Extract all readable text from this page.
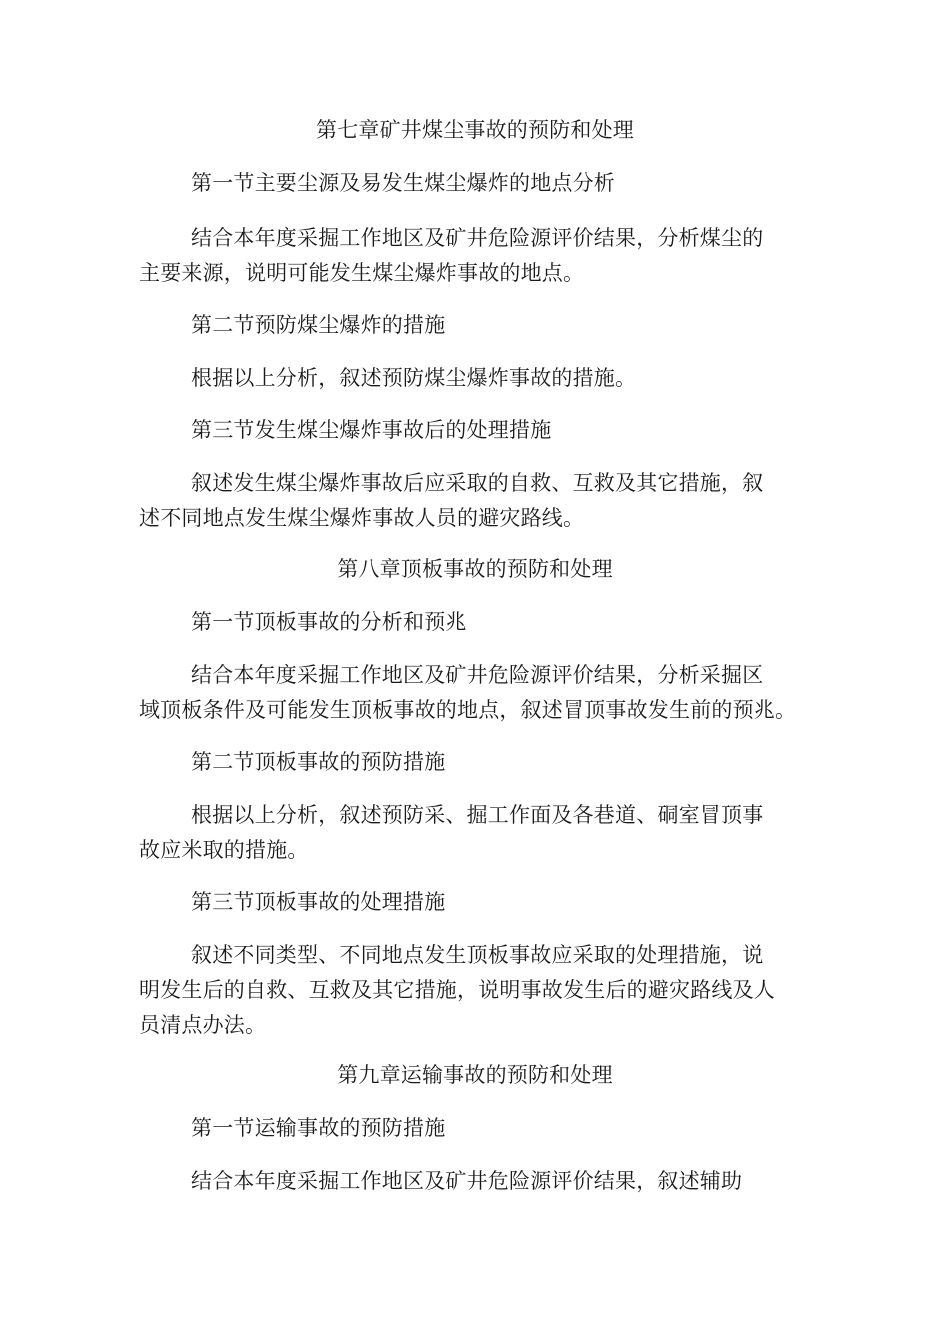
第七章矿井煤尘事故的预防和处理
第一节主要尘源及易发生煤尘爆炸的地点分析
结合本年度采掘工作地区及矿井危险源评价结果，分析煤尘的
主要来源，说明可能发生煤尘爆炸事故的地点。
第二节预防煤尘爆炸的措施
根据以上分析，叙述预防煤尘爆炸事故的措施。
第三节发生煤尘爆炸事故后的处理措施
叙述发生煤尘爆炸事故后应采取的自救、互救及其它措施，叙
述不同地点发生煤尘爆炸事故人员的避灾路线。
第八章顶板事故的预防和处理
第一节顶板事故的分析和预兆
结合本年度采掘工作地区及矿井危险源评价结果，分析采掘区
域顶板条件及可能发生顶板事故的地点，叙述冒顶事故发生前的预兆。
第二节顶板事故的预防措施
根据以上分析，叙述预防采、掘工作面及各巷道、硐室冒顶事
故应米取的措施。
第三节顶板事故的处理措施
叙述不同类型、不同地点发生顶板事故应采取的处理措施，说
明发生后的自救、互救及其它措施，说明事故发生后的避灾路线及人
员清点办法。
第九章运输事故的预防和处理
第一节运输事故的预防措施
结合本年度采掘工作地区及矿井危险源评价结果，叙述辅助
